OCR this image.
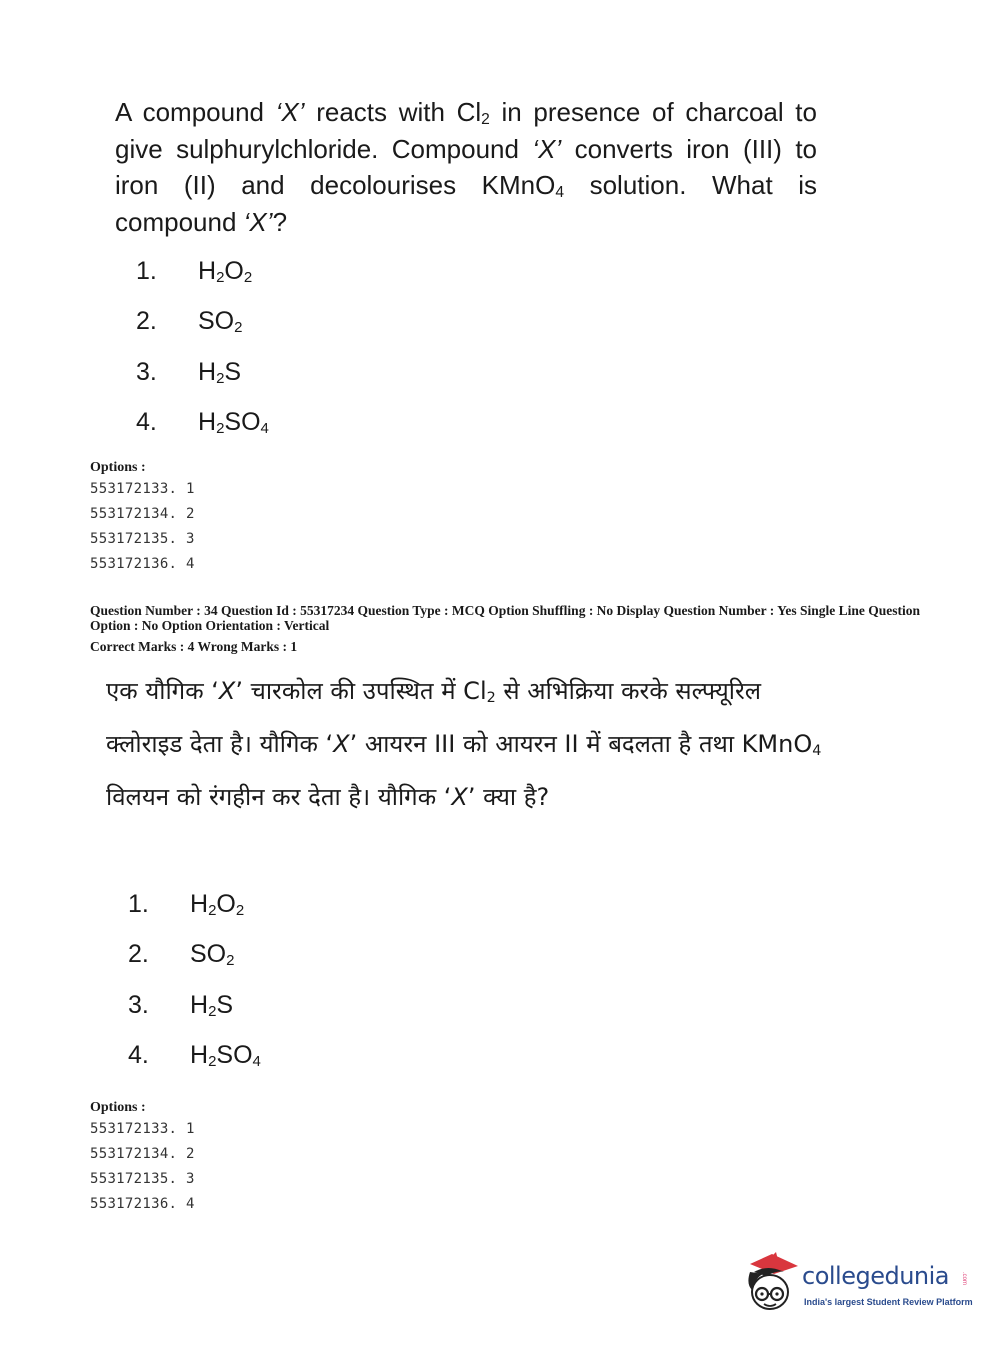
A compound ‘X’ reacts with $Cl_2$ in presence of charcoal to give sulphurylchloride. Compound ‘X’ converts iron (III) to iron (II) and decolourises KMnO$_4$ solution. What is compound ‘X’?
1.	$H_2O_2$
2.	$SO_2$
3.	$H_2S$
4.	$H_2SO_4$
Options :
553172133. 1
553172134. 2
553172135. 3
553172136. 4
Question Number : 34 Question Id : 55317234 Question Type : MCQ Option Shuffling : No Display Question Number : Yes Single Line Question Option : No Option Orientation : Vertical
Correct Marks : 4 Wrong Marks : 1
एक यौगिक ‘X’ चारकोल की उपस्थित में $Cl_2$ से अभिक्रिया करके सल्फ्यूरिल क्लोराइड देता है। यौगिक ‘X’ आयरन III को आयरन II में बदलता है तथा KMnO$_4$ विलयन को रंगहीन कर देता है। यौगिक ‘X’ क्या है?
1.	$H_2O_2$
2.	$SO_2$
3.	$H_2S$
4.	$H_2SO_4$
Options :
553172133. 1
553172134. 2
553172135. 3
553172136. 4
collegedunia .com
India's largest Student Review Platform
